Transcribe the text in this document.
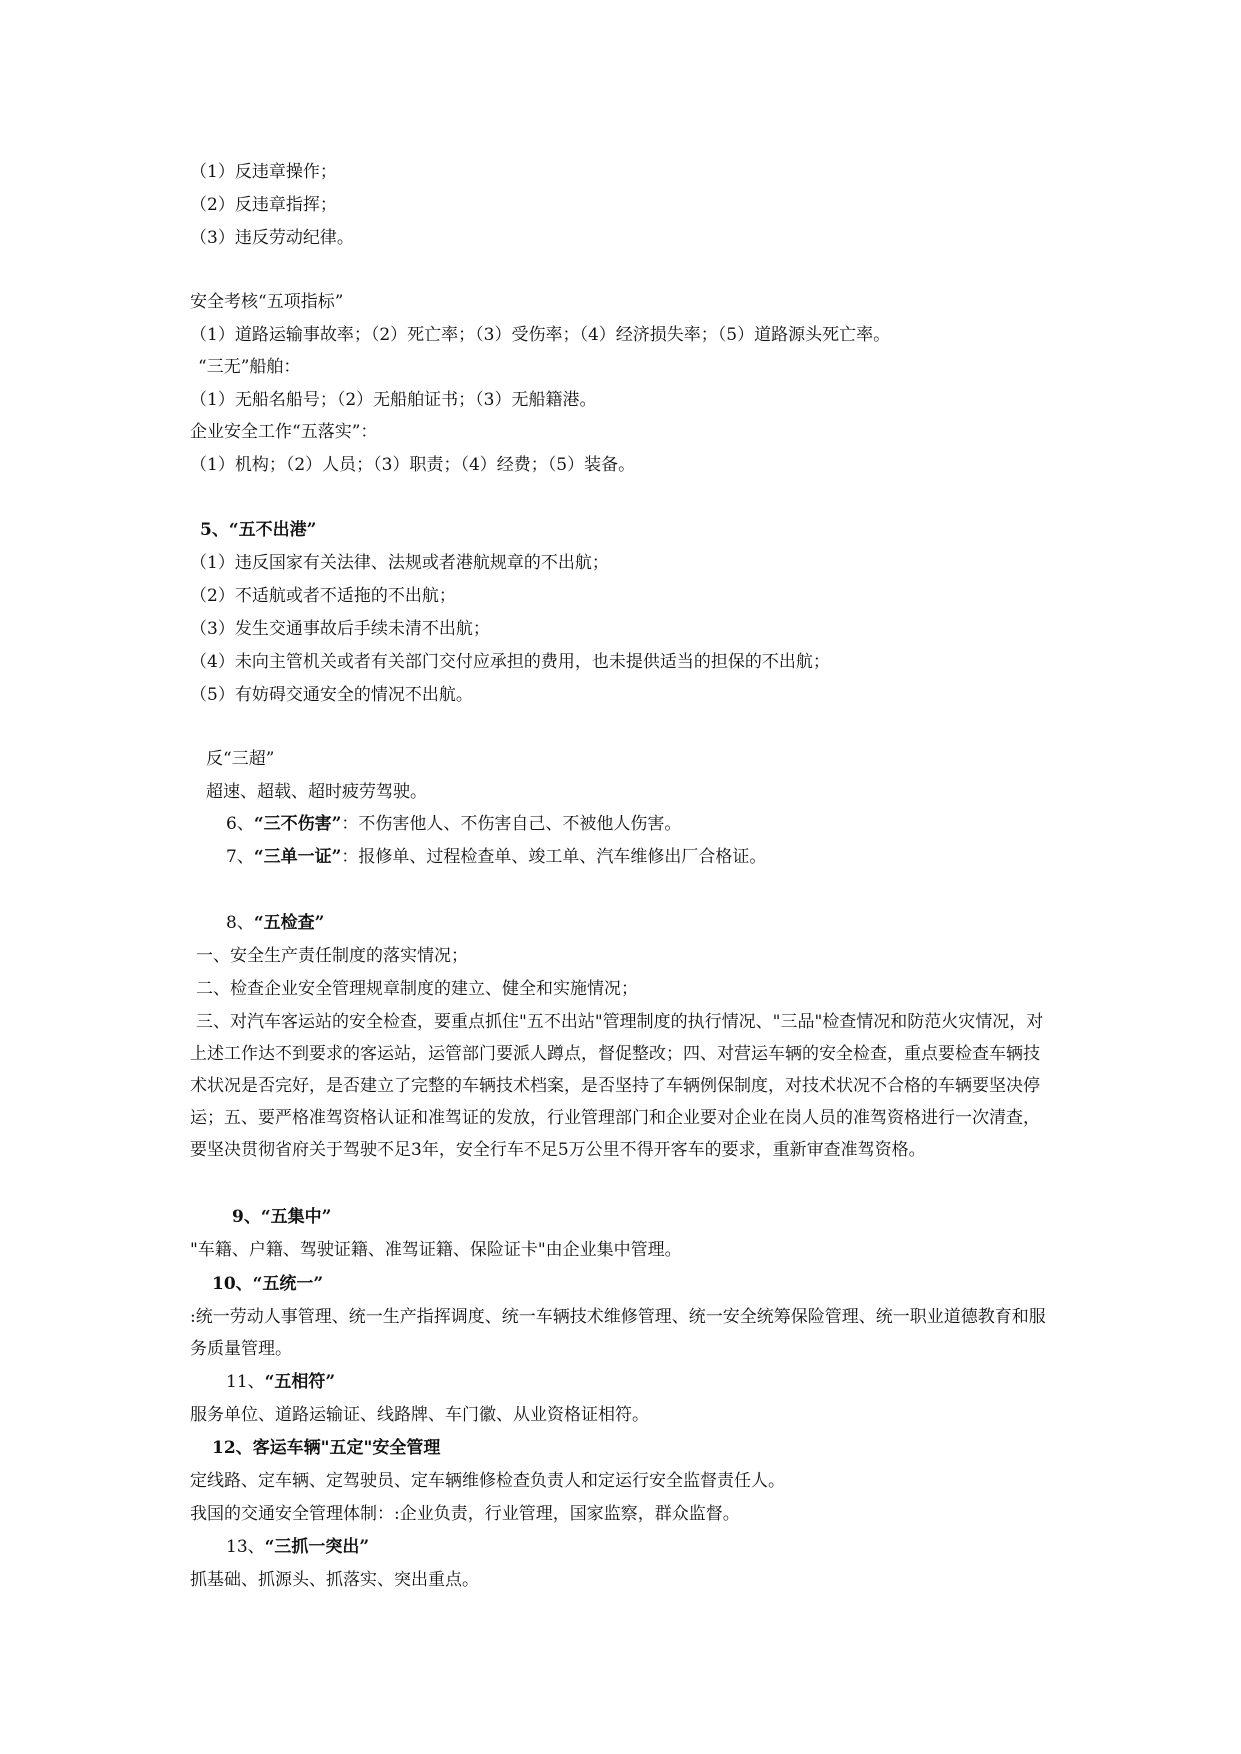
（1）反违章操作；
（2）反违章指挥；
（3）违反劳动纪律。
安全考核“五项指标”
（1）道路运输事故率；（2）死亡率；（3）受伤率；（4）经济损失率；（5）道路源头死亡率。
“三无”船舶：
（1）无船名船号；（2）无船舶证书；（3）无船籍港。
企业安全工作“五落实”：
（1）机构；（2）人员；（3）职责；（4）经费；（5）装备。
5、“五不出港”
（1）违反国家有关法律、法规或者港航规章的不出航；
（2）不适航或者不适拖的不出航；
（3）发生交通事故后手续未清不出航；
（4）未向主管机关或者有关部门交付应承担的费用，也未提供适当的担保的不出航；
（5）有妨碍交通安全的情况不出航。
反“三超”
超速、超载、超时疲劳驾驶。
6、“三不伤害”：不伤害他人、不伤害自己、不被他人伤害。
7、“三单一证”：报修单、过程检查单、竣工单、汽车维修出厂合格证。
8、“五检查”
一、安全生产责任制度的落实情况；
二、检查企业安全管理规章制度的建立、健全和实施情况；
三、对汽车客运站的安全检查，要重点抓住"五不出站"管理制度的执行情况、"三品"检查情况和防范火灾情况，对上述工作达不到要求的客运站，运管部门要派人蹲点，督促整改；四、对营运车辆的安全检查，重点要检查车辆技术状况是否完好，是否建立了完整的车辆技术档案，是否坚持了车辆例保制度，对技术状况不合格的车辆要坚决停运；五、要严格准驾资格认证和准驾证的发放，行业管理部门和企业要对企业在岗人员的准驾资格进行一次清查，要坚决贯彻省府关于驾驶不足3年，安全行车不足5万公里不得开客车的要求，重新审查准驾资格。
9、“五集中”
"车籍、户籍、驾驶证籍、准驾证籍、保险证卡"由企业集中管理。
10、“五统一”
:统一劳动人事管理、统一生产指挥调度、统一车辆技术维修管理、统一安全统筹保险管理、统一职业道德教育和服务质量管理。
11、“五相符”
服务单位、道路运输证、线路牌、车门徽、从业资格证相符。
12、客运车辆"五定"安全管理
定线路、定车辆、定驾驶员、定车辆维修检查负责人和定运行安全监督责任人。
我国的交通安全管理体制：:企业负责，行业管理，国家监察，群众监督。
13、“三抓一突出”
抓基础、抓源头、抓落实、突出重点。
